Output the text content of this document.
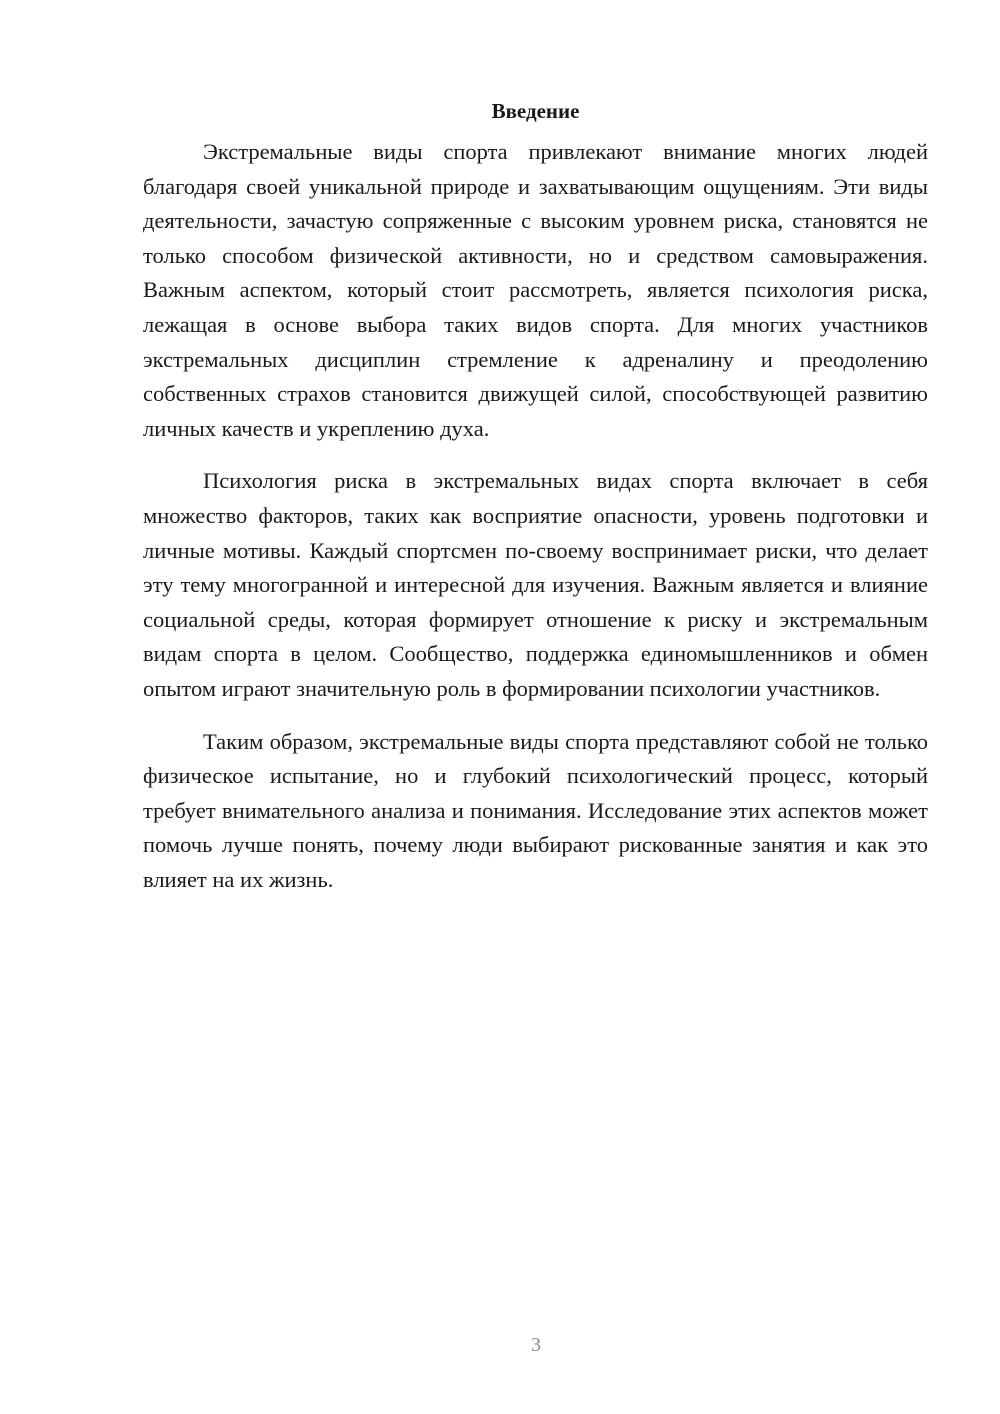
Введение

Экстремальные виды спорта привлекают внимание многих людей благодаря своей уникальной природе и захватывающим ощущениям. Эти виды деятельности, зачастую сопряженные с высоким уровнем риска, становятся не только способом физической активности, но и средством самовыражения. Важным аспектом, который стоит рассмотреть, является психология риска, лежащая в основе выбора таких видов спорта. Для многих участников экстремальных дисциплин стремление к адреналину и преодолению собственных страхов становится движущей силой, способствующей развитию личных качеств и укреплению духа.

Психология риска в экстремальных видах спорта включает в себя множество факторов, таких как восприятие опасности, уровень подготовки и личные мотивы. Каждый спортсмен по-своему воспринимает риски, что делает эту тему многогранной и интересной для изучения. Важным является и влияние социальной среды, которая формирует отношение к риску и экстремальным видам спорта в целом. Сообщество, поддержка единомышленников и обмен опытом играют значительную роль в формировании психологии участников.

Таким образом, экстремальные виды спорта представляют собой не только физическое испытание, но и глубокий психологический процесс, который требует внимательного анализа и понимания. Исследование этих аспектов может помочь лучше понять, почему люди выбирают рискованные занятия и как это влияет на их жизнь.

3
